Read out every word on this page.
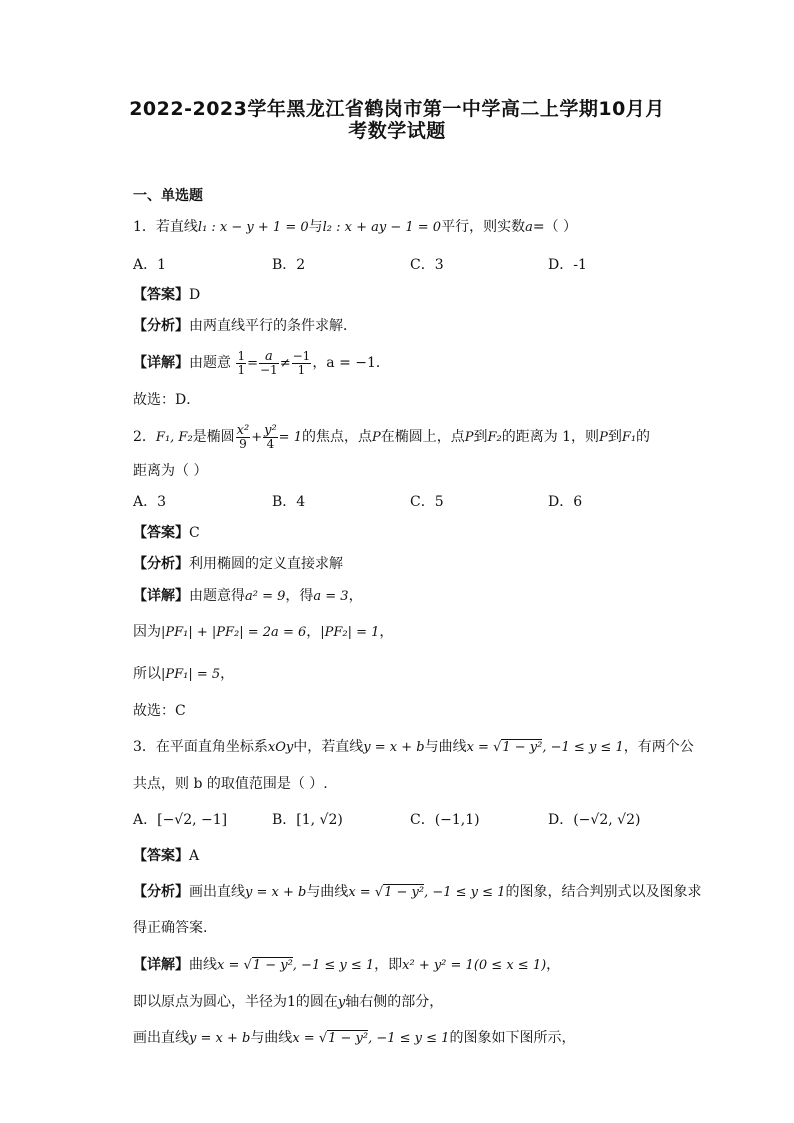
2022-2023学年黑龙江省鹤岗市第一中学高二上学期10月月
考数学试题
一、单选题
1．若直线l₁ : x − y + 1 = 0与l₂ : x + ay − 1 = 0平行，则实数a=（ ）
A．1	B．2	C．3	D．-1
【答案】D
【分析】由两直线平行的条件求解．
【详解】由题意 $\frac{1}{1} = \frac{a}{-1} \ne \frac{-1}{1}$ ，a = −1．
故选：D．
2．F₁, F₂是椭圆 $\frac{\text{x²}}{9} + \frac{\text{y²}}{4} = 1$的焦点，点P在椭圆上，点P到F₂的距离为 1，则P到F₁的
距离为（ ）
A．3	B．4	C．5	D．6
【答案】C
【分析】利用椭圆的定义直接求解
【详解】由题意得a² = 9，得a = 3，
因为|PF₁| + |PF₂| = 2a = 6，|PF₂| = 1，
所以|PF₁| = 5，
故选：C
3．在平面直角坐标系xOy中，若直线y = x + b与曲线x = √1 − y², −1 ≤ y ≤ 1，有两个公
共点，则 b 的取值范围是（ ）.
A．[−√2, −1]	B．[1, √2)	C．(−1,1)	D．(−√2, √2)
【答案】A
【分析】画出直线y = x + b与曲线x = √1 − y², −1 ≤ y ≤ 1的图象，结合判别式以及图象求
得正确答案.
【详解】曲线x = √1 − y², −1 ≤ y ≤ 1，即x² + y² = 1(0 ≤ x ≤ 1)，
即以原点为圆心，半径为1的圆在y轴右侧的部分，
画出直线y = x + b与曲线x = √1 − y², −1 ≤ y ≤ 1的图象如下图所示，
